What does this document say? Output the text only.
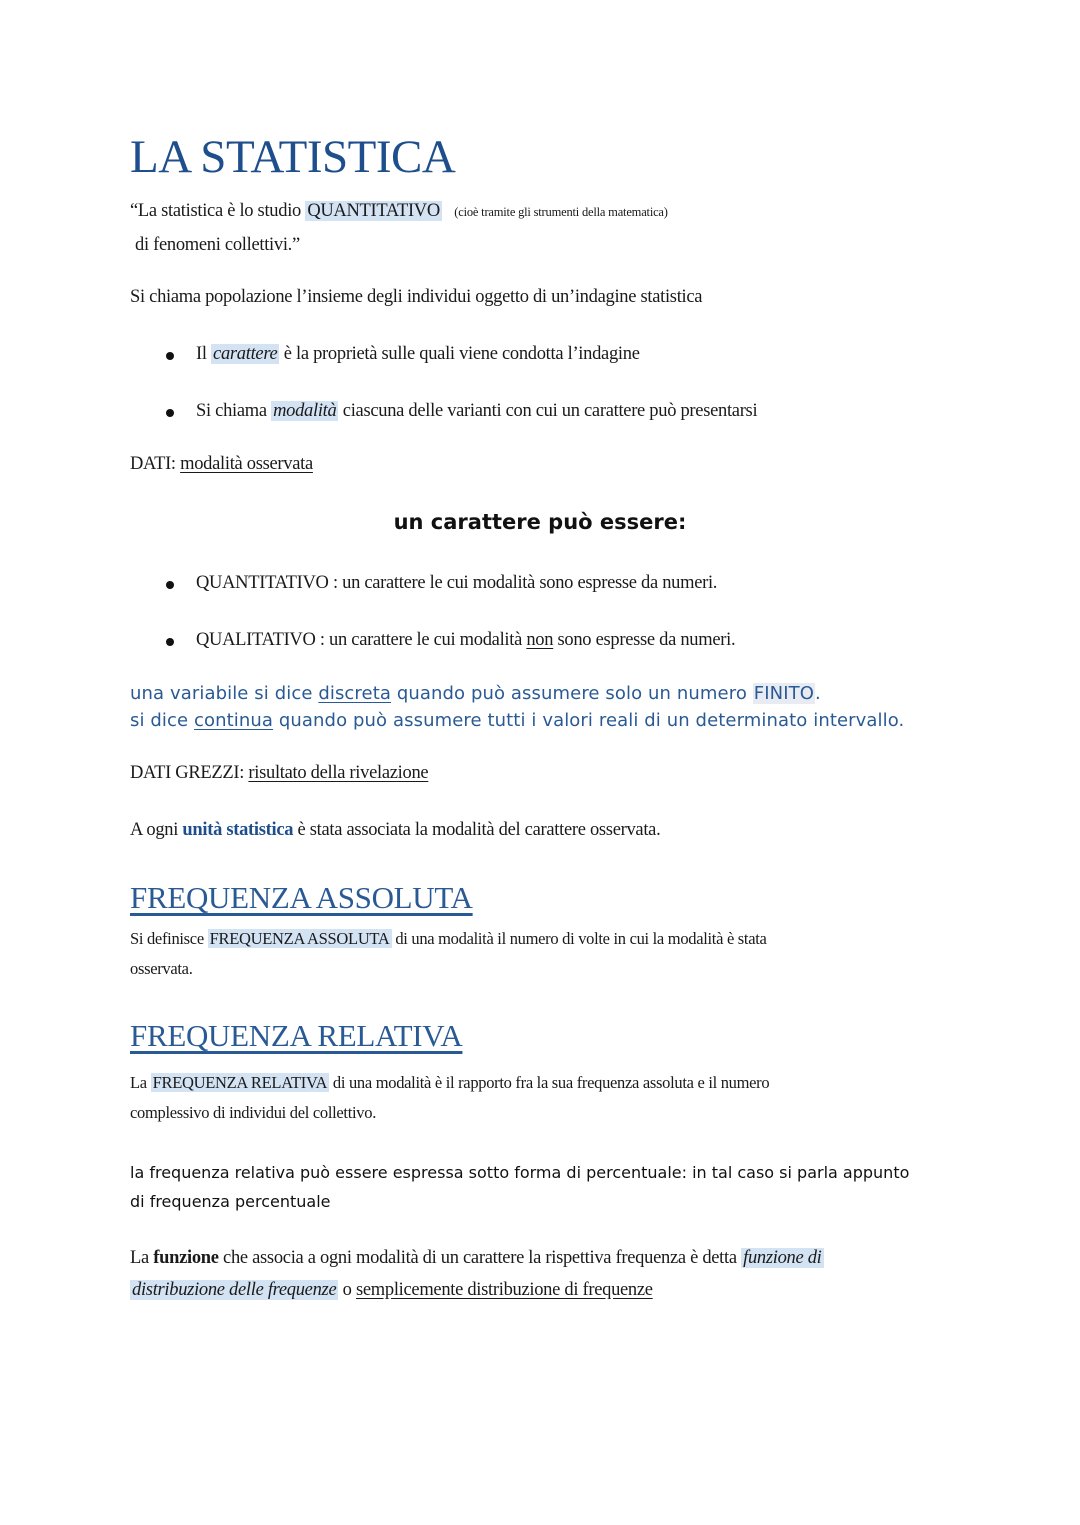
LA STATISTICA
“La statistica è lo studio QUANTITATIVO (cioè tramite gli strumenti della matematica)
di fenomeni collettivi.”
Si chiama popolazione l’insieme degli individui oggetto di un’indagine statistica
Il carattere è la proprietà sulle quali viene condotta l’indagine
Si chiama modalità ciascuna delle varianti con cui un carattere può presentarsi
DATI: modalità osservata
un carattere può essere:
QUANTITATIVO : un carattere le cui modalità sono espresse da numeri.
QUALITATIVO : un carattere le cui modalità non sono espresse da numeri.
una variabile si dice discreta quando può assumere solo un numero FINITO.
si dice continua quando può assumere tutti i valori reali di un determinato intervallo.
DATI GREZZI: risultato della rivelazione
A ogni unità statistica è stata associata la modalità del carattere osservata.
FREQUENZA ASSOLUTA
Si definisce FREQUENZA ASSOLUTA di una modalità il numero di volte in cui la modalità è stata
osservata.
FREQUENZA RELATIVA
La FREQUENZA RELATIVA di una modalità è il rapporto fra la sua frequenza assoluta e il numero
complessivo di individui del collettivo.
la frequenza relativa può essere espressa sotto forma di percentuale: in tal caso si parla appunto
di frequenza percentuale
La funzione che associa a ogni modalità di un carattere la rispettiva frequenza è detta funzione di
distribuzione delle frequenze o semplicemente distribuzione di frequenze
